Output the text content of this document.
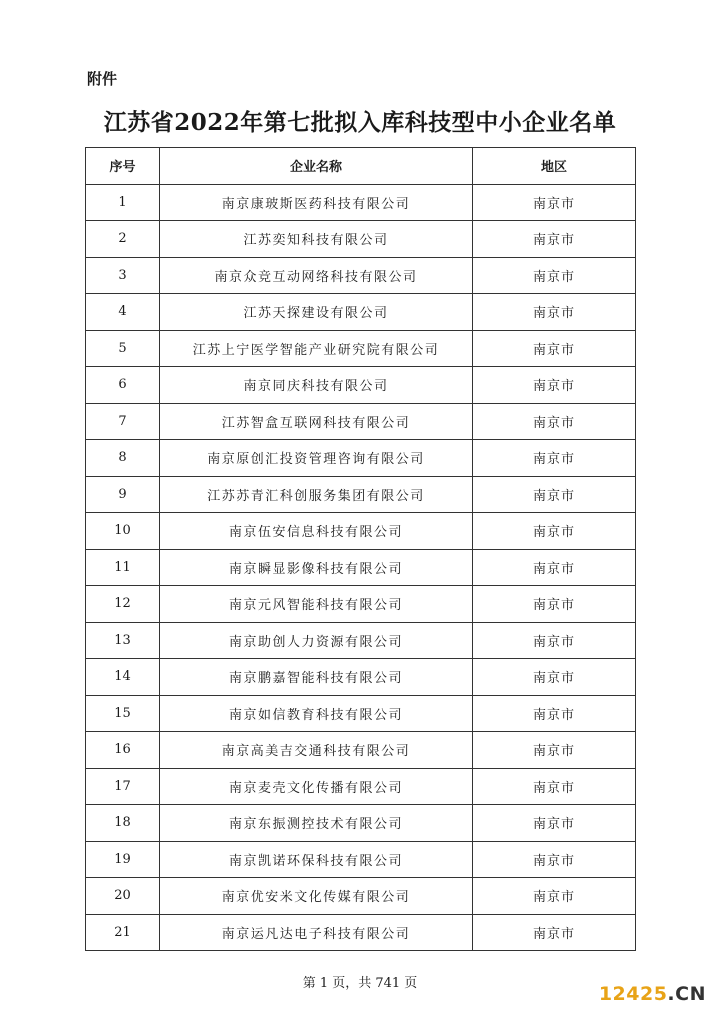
附件
江苏省2022年第七批拟入库科技型中小企业名单
序号	企业名称	地区
1	南京康玻斯医药科技有限公司	南京市
2	江苏奕知科技有限公司	南京市
3	南京众竞互动网络科技有限公司	南京市
4	江苏天探建设有限公司	南京市
5	江苏上宁医学智能产业研究院有限公司	南京市
6	南京同庆科技有限公司	南京市
7	江苏智盒互联网科技有限公司	南京市
8	南京原创汇投资管理咨询有限公司	南京市
9	江苏苏青汇科创服务集团有限公司	南京市
10	南京伍安信息科技有限公司	南京市
11	南京瞬显影像科技有限公司	南京市
12	南京元风智能科技有限公司	南京市
13	南京助创人力资源有限公司	南京市
14	南京鹏嘉智能科技有限公司	南京市
15	南京如信教育科技有限公司	南京市
16	南京高美吉交通科技有限公司	南京市
17	南京麦壳文化传播有限公司	南京市
18	南京东振测控技术有限公司	南京市
19	南京凯诺环保科技有限公司	南京市
20	南京优安米文化传媒有限公司	南京市
21	南京运凡达电子科技有限公司	南京市
第 1 页，共 741 页	12425.CN
